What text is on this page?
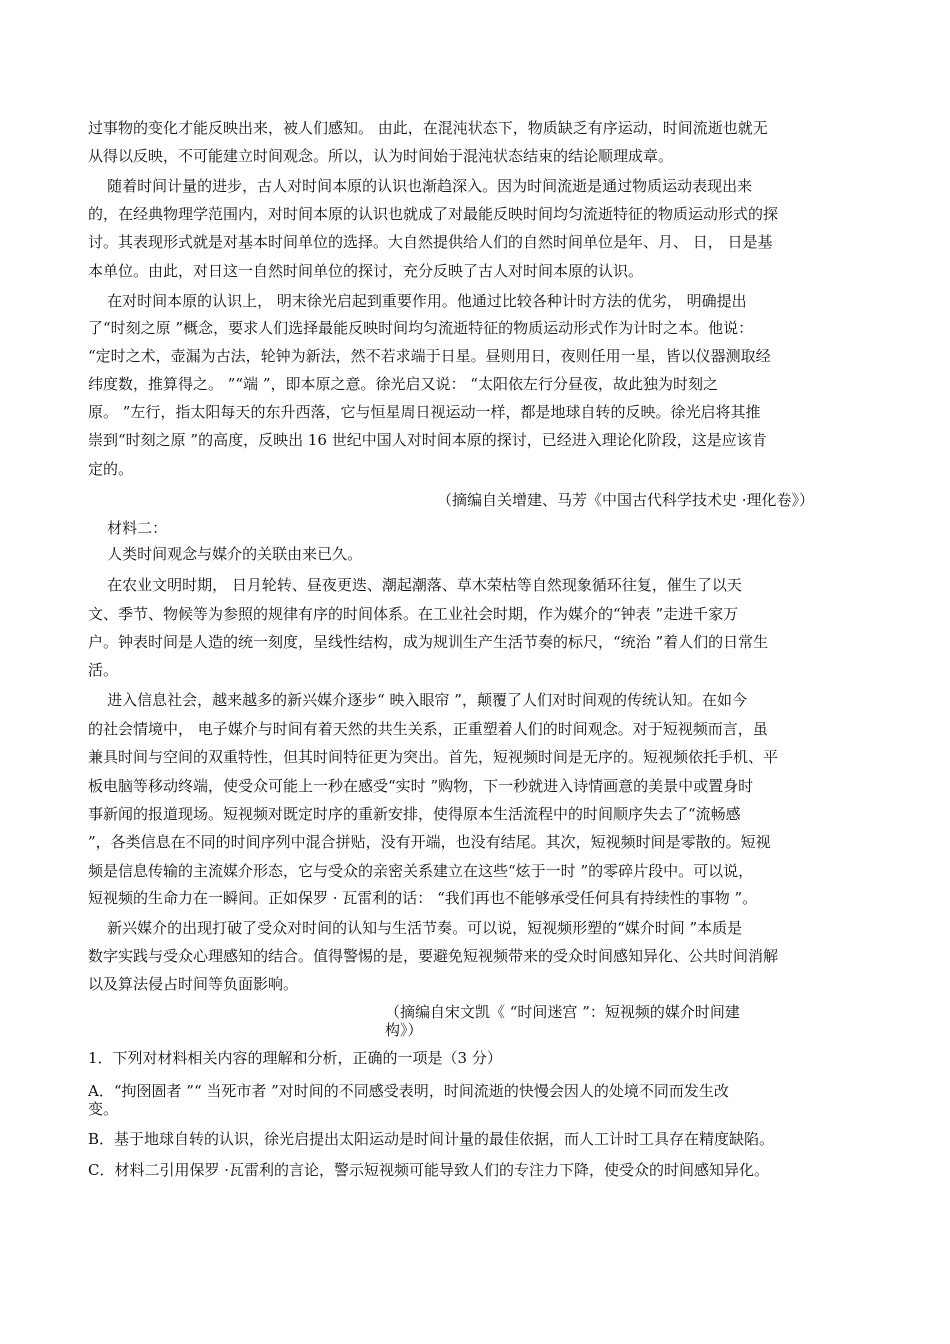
过事物的变化才能反映出来，被人们感知。 由此，在混沌状态下，物质缺乏有序运动，时间流逝也就无
从得以反映，不可能建立时间观念。所以，认为时间始于混沌状态结束的结论顺理成章。
随着时间计量的进步，古人对时间本原的认识也渐趋深入。因为时间流逝是通过物质运动表现出来
的，在经典物理学范围内，对时间本原的认识也就成了对最能反映时间均匀流逝特征的物质运动形式的探
讨。其表现形式就是对基本时间单位的选择。大自然提供给人们的自然时间单位是年、月、 日， 日是基
本单位。由此，对日这一自然时间单位的探讨，充分反映了古人对时间本原的认识。
在对时间本原的认识上， 明末徐光启起到重要作用。他通过比较各种计时方法的优劣， 明确提出
了“时刻之原 ”概念，要求人们选择最能反映时间均匀流逝特征的物质运动形式作为计时之本。他说：
“定时之术，壶漏为古法，轮钟为新法，然不若求端于日星。昼则用日，夜则任用一星，皆以仪器测取经
纬度数，推算得之。 ”“端 ”，即本原之意。徐光启又说： “太阳依左行分昼夜，故此独为时刻之
原。 ”左行，指太阳每天的东升西落，它与恒星周日视运动一样，都是地球自转的反映。徐光启将其推
崇到“时刻之原 ”的高度，反映出 16 世纪中国人对时间本原的探讨，已经进入理论化阶段，这是应该肯
定的。
（摘编自关增建、马芳《中国古代科学技术史 ·理化卷》）
材料二：
人类时间观念与媒介的关联由来已久。
在农业文明时期， 日月轮转、昼夜更迭、潮起潮落、草木荣枯等自然现象循环往复，催生了以天
文、季节、物候等为参照的规律有序的时间体系。在工业社会时期，作为媒介的“钟表 ”走进千家万
户。钟表时间是人造的统一刻度，呈线性结构，成为规训生产生活节奏的标尺，“统治 ”着人们的日常生
活。
进入信息社会，越来越多的新兴媒介逐步“ 映入眼帘 ”，颠覆了人们对时间观的传统认知。在如今
的社会情境中， 电子媒介与时间有着天然的共生关系，正重塑着人们的时间观念。对于短视频而言，虽
兼具时间与空间的双重特性，但其时间特征更为突出。首先，短视频时间是无序的。短视频依托手机、平
板电脑等移动终端，使受众可能上一秒在感受“实时 ”购物，下一秒就进入诗情画意的美景中或置身时
事新闻的报道现场。短视频对既定时序的重新安排，使得原本生活流程中的时间顺序失去了“流畅感
”，各类信息在不同的时间序列中混合拼贴，没有开端，也没有结尾。其次，短视频时间是零散的。短视
频是信息传输的主流媒介形态，它与受众的亲密关系建立在这些“炫于一时 ”的零碎片段中。可以说，
短视频的生命力在一瞬间。正如保罗 · 瓦雷利的话： “我们再也不能够承受任何具有持续性的事物 ”。
新兴媒介的出现打破了受众对时间的认知与生活节奏。可以说，短视频形塑的“媒介时间 ”本质是
数字实践与受众心理感知的结合。值得警惕的是，要避免短视频带来的受众时间感知异化、公共时间消解
以及算法侵占时间等负面影响。
（摘编自宋文凯《 “时间迷宫 ”：短视频的媒介时间建
构》）
1．下列对材料相关内容的理解和分析，正确的一项是（3 分）
A．“拘囹圄者 ”“ 当死市者 ”对时间的不同感受表明，时间流逝的快慢会因人的处境不同而发生改
变。
B．基于地球自转的认识，徐光启提出太阳运动是时间计量的最佳依据，而人工计时工具存在精度缺陷。
C．材料二引用保罗 ·瓦雷利的言论，警示短视频可能导致人们的专注力下降，使受众的时间感知异化。
